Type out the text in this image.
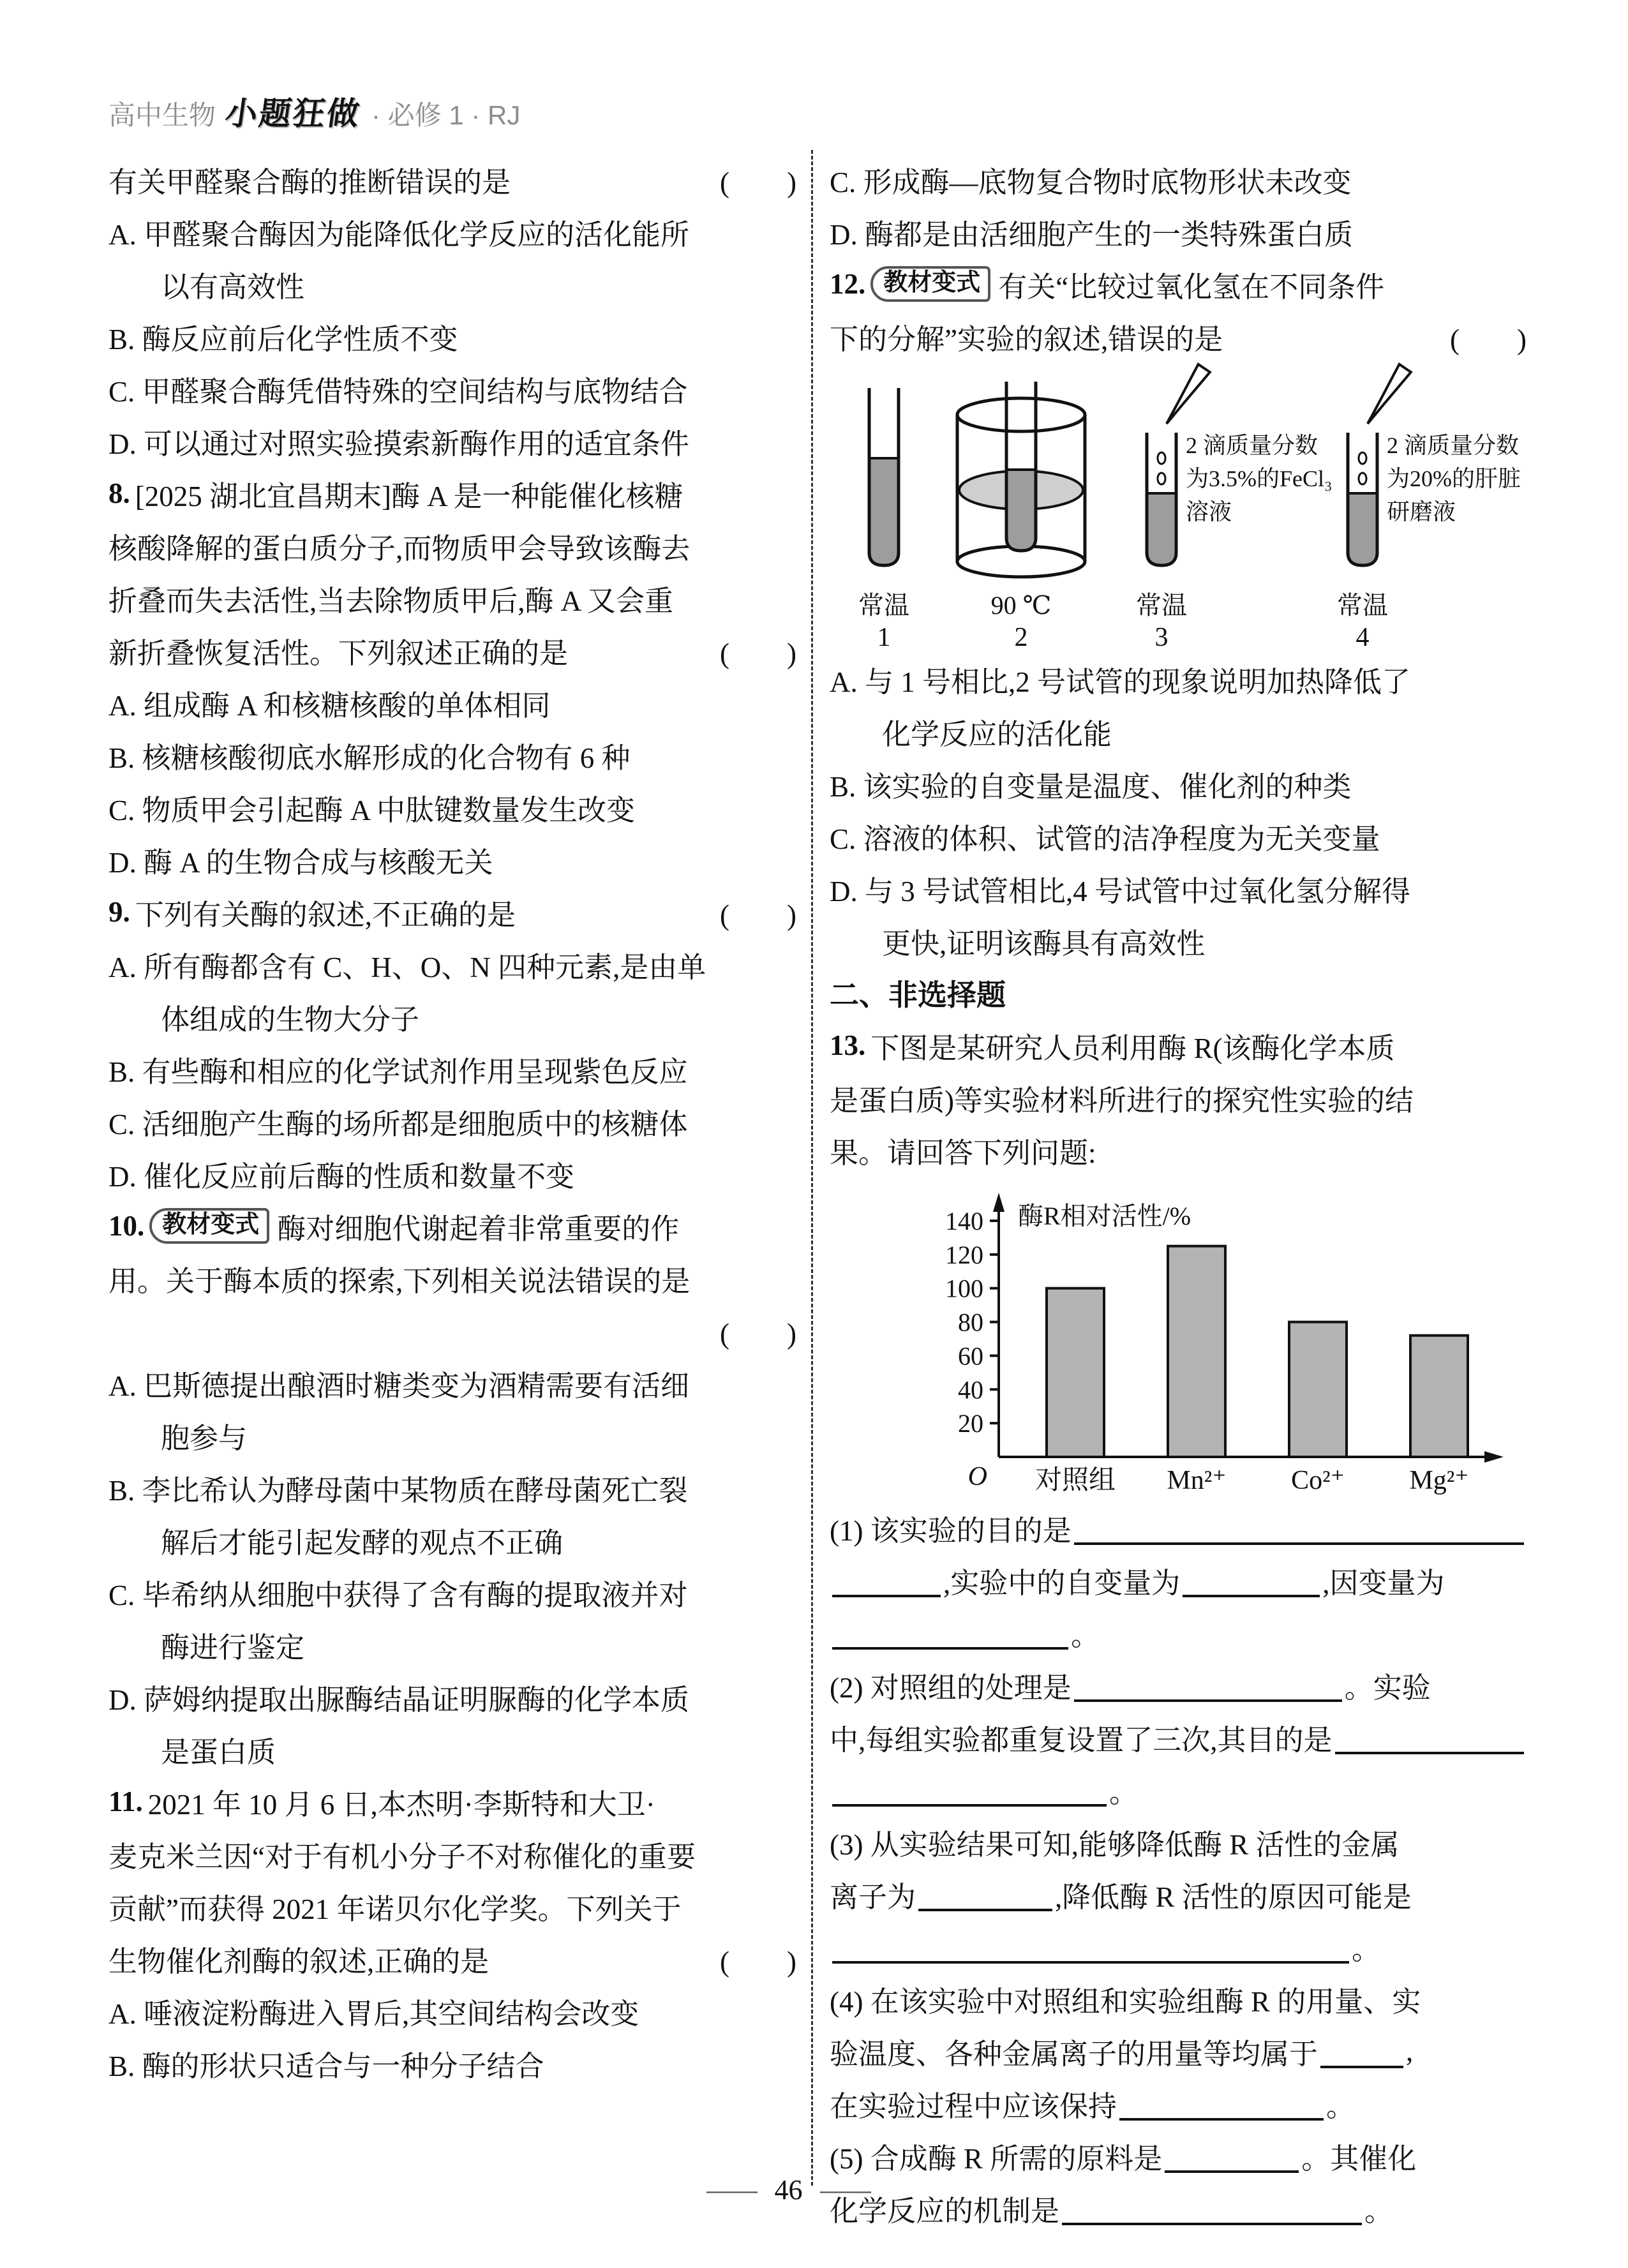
高中生物 小题狂做 · 必修 1 · RJ
有关甲醛聚合酶的推断错误的是	(　　)
A. 甲醛聚合酶因为能降低化学反应的活化能所
以有高效性
B. 酶反应前后化学性质不变
C. 甲醛聚合酶凭借特殊的空间结构与底物结合
D. 可以通过对照实验摸索新酶作用的适宜条件
8. [2025 湖北宜昌期末]酶 A 是一种能催化核糖
核酸降解的蛋白质分子,而物质甲会导致该酶去
折叠而失去活性,当去除物质甲后,酶 A 又会重
新折叠恢复活性。下列叙述正确的是	(　　)
A. 组成酶 A 和核糖核酸的单体相同
B. 核糖核酸彻底水解形成的化合物有 6 种
C. 物质甲会引起酶 A 中肽键数量发生改变
D. 酶 A 的生物合成与核酸无关
9. 下列有关酶的叙述,不正确的是	(　　)
A. 所有酶都含有 C、H、O、N 四种元素,是由单
体组成的生物大分子
B. 有些酶和相应的化学试剂作用呈现紫色反应
C. 活细胞产生酶的场所都是细胞质中的核糖体
D. 催化反应前后酶的性质和数量不变
10. 教材变式 酶对细胞代谢起着非常重要的作
用。关于酶本质的探索,下列相关说法错误的是
(　　)
A. 巴斯德提出酿酒时糖类变为酒精需要有活细
胞参与
B. 李比希认为酵母菌中某物质在酵母菌死亡裂
解后才能引起发酵的观点不正确
C. 毕希纳从细胞中获得了含有酶的提取液并对
酶进行鉴定
D. 萨姆纳提取出脲酶结晶证明脲酶的化学本质
是蛋白质
11. 2021 年 10 月 6 日,本杰明·李斯特和大卫·
麦克米兰因“对于有机小分子不对称催化的重要
贡献”而获得 2021 年诺贝尔化学奖。下列关于
生物催化剂酶的叙述,正确的是	(　　)
A. 唾液淀粉酶进入胃后,其空间结构会改变
B. 酶的形状只适合与一种分子结合
C. 形成酶—底物复合物时底物形状未改变
D. 酶都是由活细胞产生的一类特殊蛋白质
12. 教材变式 有关“比较过氧化氢在不同条件
下的分解”实验的叙述,错误的是	(　　)
常温
1
90 ℃
2
2 滴质量分数
为3.5%的FeCl₃
溶液
常温
3
2 滴质量分数
为20%的肝脏
研磨液
常温
4
A. 与 1 号相比,2 号试管的现象说明加热降低了
化学反应的活化能
B. 该实验的自变量是温度、催化剂的种类
C. 溶液的体积、试管的洁净程度为无关变量
D. 与 3 号试管相比,4 号试管中过氧化氢分解得
更快,证明该酶具有高效性
二、非选择题
13. 下图是某研究人员利用酶 R(该酶化学本质
是蛋白质)等实验材料所进行的探究性实验的结
果。请回答下列问题:
酶R相对活性/%
20
40
60
80
100
120
140
O 对照组 Mn²⁺ Co²⁺ Mg²⁺
(1) 该实验的目的是
,实验中的自变量为	,因变量为
。
(2) 对照组的处理是	。实验
中,每组实验都重复设置了三次,其目的是
。
(3) 从实验结果可知,能够降低酶 R 活性的金属
离子为	,降低酶 R 活性的原因可能是
。
(4) 在该实验中对照组和实验组酶 R 的用量、实
验温度、各种金属离子的用量等均属于	,
在实验过程中应该保持	。
(5) 合成酶 R 所需的原料是	。其催化
化学反应的机制是	。
— 46 —
